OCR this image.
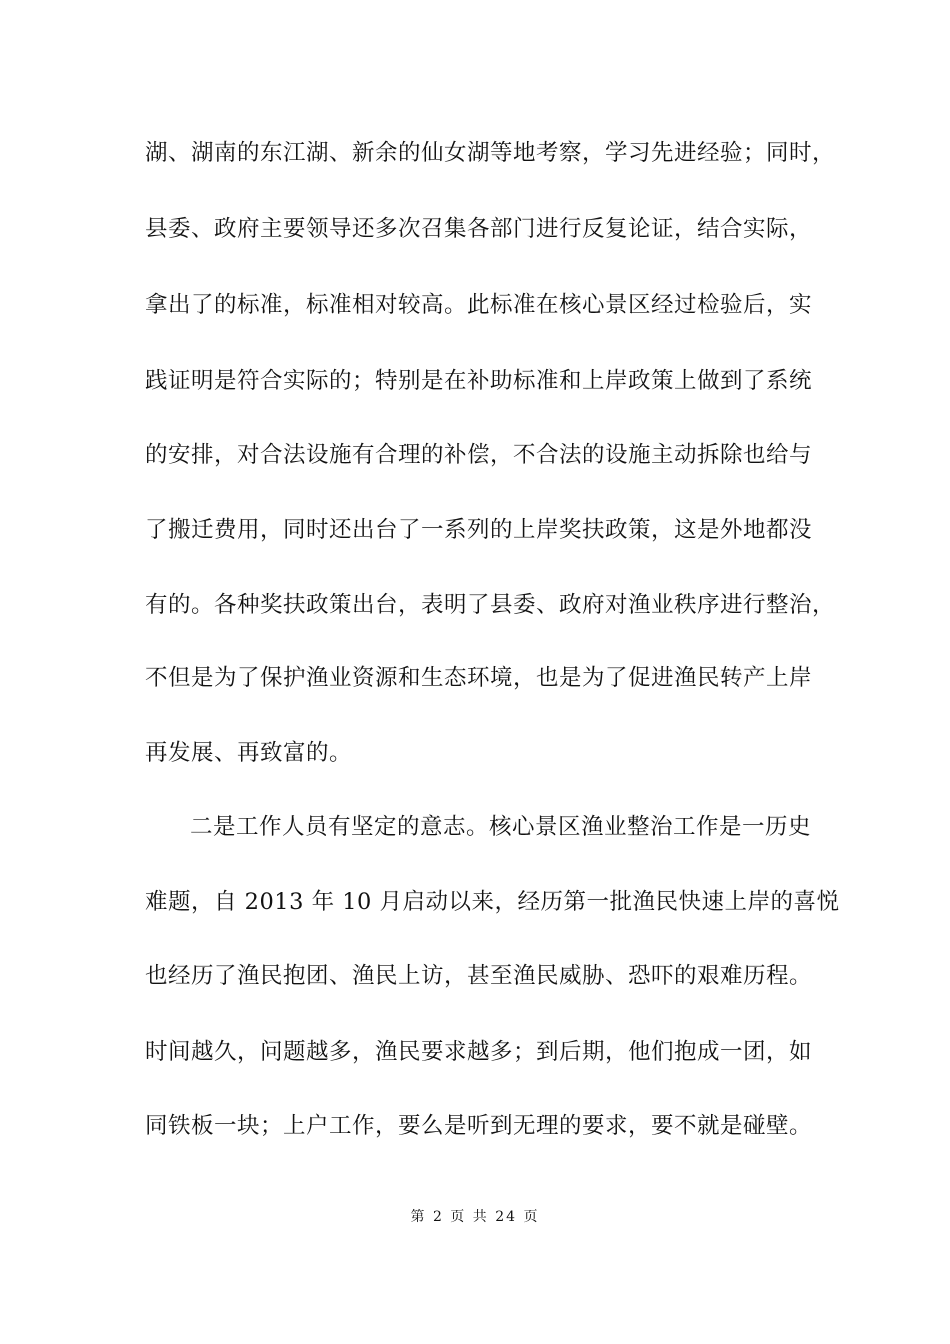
湖、湖南的东江湖、新余的仙女湖等地考察，学习先进经验；同时，
县委、政府主要领导还多次召集各部门进行反复论证，结合实际，
拿出了的标准，标准相对较高。此标准在核心景区经过检验后，实
践证明是符合实际的；特别是在补助标准和上岸政策上做到了系统
的安排，对合法设施有合理的补偿，不合法的设施主动拆除也给与
了搬迁费用，同时还出台了一系列的上岸奖扶政策，这是外地都没
有的。各种奖扶政策出台，表明了县委、政府对渔业秩序进行整治，
不但是为了保护渔业资源和生态环境，也是为了促进渔民转产上岸
再发展、再致富的。
二是工作人员有坚定的意志。核心景区渔业整治工作是一历史
难题，自 2013 年 10 月启动以来，经历第一批渔民快速上岸的喜悦
也经历了渔民抱团、渔民上访，甚至渔民威胁、恐吓的艰难历程。
时间越久，问题越多，渔民要求越多；到后期，他们抱成一团，如
同铁板一块；上户工作，要么是听到无理的要求，要不就是碰壁。
第 2 页 共 24 页
